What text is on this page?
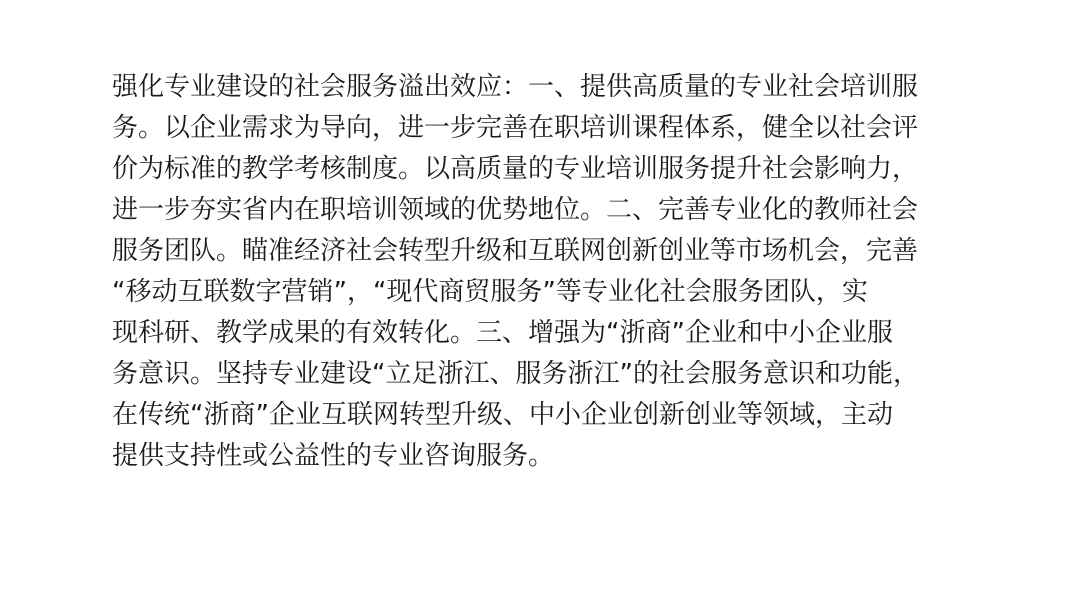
强化专业建设的社会服务溢出效应：一、提供高质量的专业社会培训服
务。以企业需求为导向，进一步完善在职培训课程体系，健全以社会评
价为标准的教学考核制度。以高质量的专业培训服务提升社会影响力，
进一步夯实省内在职培训领域的优势地位。二、完善专业化的教师社会
服务团队。瞄准经济社会转型升级和互联网创新创业等市场机会，完善
“移动互联数字营销”，“现代商贸服务”等专业化社会服务团队，实
现科研、教学成果的有效转化。三、增强为“浙商”企业和中小企业服
务意识。坚持专业建设“立足浙江、服务浙江”的社会服务意识和功能，
在传统“浙商”企业互联网转型升级、中小企业创新创业等领域，主动
提供支持性或公益性的专业咨询服务。
